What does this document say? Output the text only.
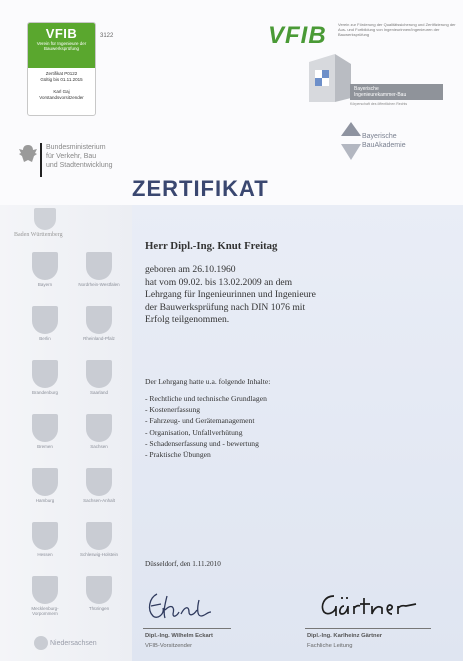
VFIB
Verein für Ingenieure der Bauwerksprüfung
Zertifikat P0122
Gültig bis 01.11.2015
Karl Gaj
Vorstandsvorsitzender
3122	VFIB	Verein zur Förderung der Qualitätssicherung und Zertifizierung der Aus- und Fortbildung von Ingenieurinnen/Ingenieuren der Bauwerksprüfung
Bayerische
Ingenieurekammer-Bau
Körperschaft des öffentlichen Rechts
Bayerische
BauAkademie
Bundesministerium
für Verkehr, Bau
und Stadtentwicklung
ZERTIFIKAT
Baden Württemberg
Bayern	Nordrhein-Westfalen
Berlin	Rheinland-Pfalz
Brandenburg	Saarland
Bremen	Sachsen
Hamburg	Sachsen-Anhalt
Hessen	Schleswig-Holstein
Mecklenburg-Vorpommern
Thüringen
Niedersachsen
Herr Dipl.-Ing. Knut Freitag
geboren am 26.10.1960
hat vom 09.02. bis 13.02.2009 an dem
Lehrgang für Ingenieurinnen und Ingenieure
der Bauwerksprüfung nach DIN 1076 mit
Erfolg teilgenommen.
Der Lehrgang hatte u.a. folgende Inhalte:
- Rechtliche und technische Grundlagen
- Kostenerfassung
- Fahrzeug- und Gerätemanagement
- Organisation, Unfallverhütung
- Schadenserfassung und - bewertung
- Praktische Übungen
Düsseldorf, den 1.11.2010
Dipl.-Ing. Wilhelm Eckart
VFIB-Vorsitzender
Dipl.-Ing. Karlheinz Gärtner
Fachliche Leitung
